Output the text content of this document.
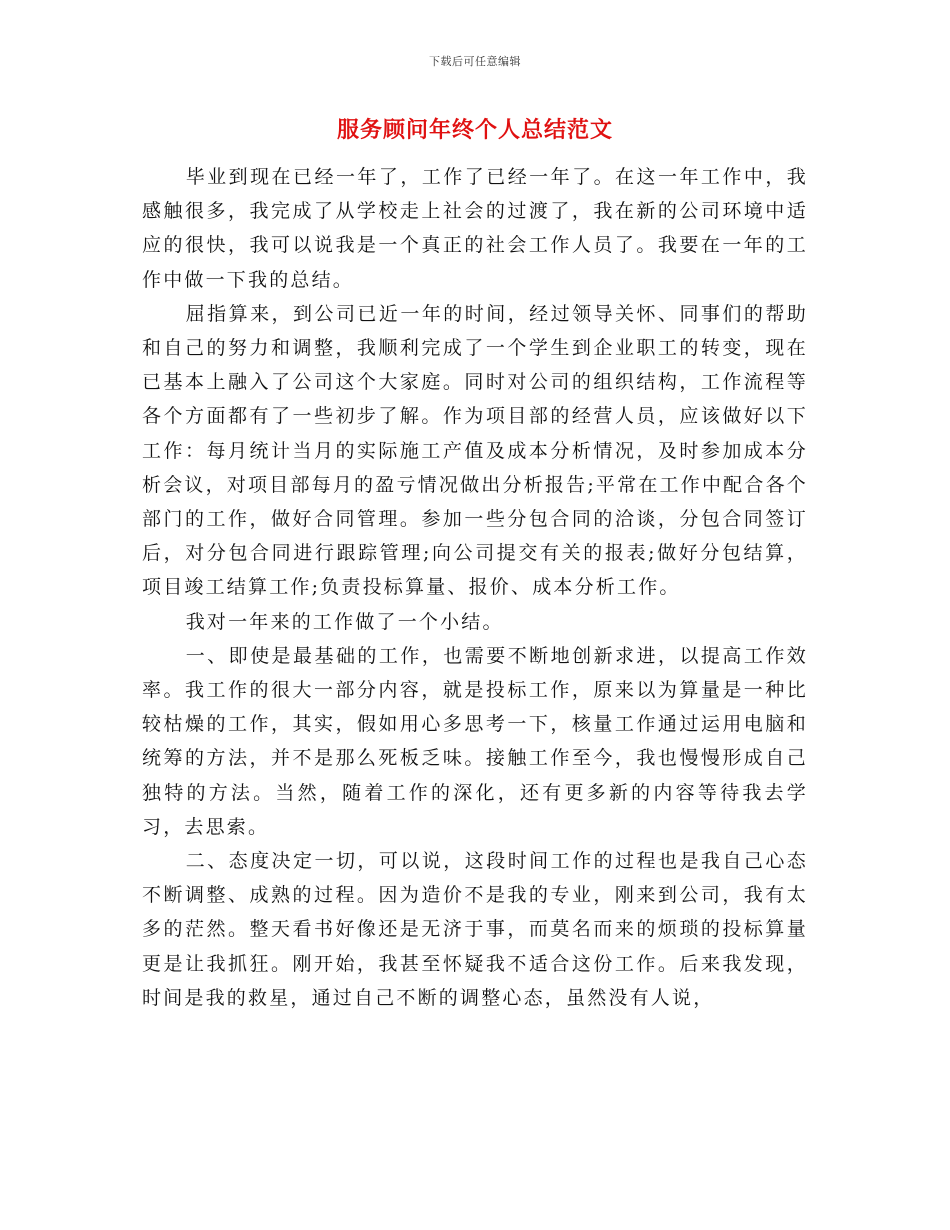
下载后可任意编辑
服务顾问年终个人总结范文

毕业到现在已经一年了，工作了已经一年了。在这一年工作中，我感触很多，我完成了从学校走上社会的过渡了，我在新的公司环境中适应的很快，我可以说我是一个真正的社会工作人员了。我要在一年的工作中做一下我的总结。

屈指算来，到公司已近一年的时间，经过领导关怀、同事们的帮助和自己的努力和调整，我顺利完成了一个学生到企业职工的转变，现在已基本上融入了公司这个大家庭。同时对公司的组织结构，工作流程等各个方面都有了一些初步了解。作为项目部的经营人员，应该做好以下工作：每月统计当月的实际施工产值及成本分析情况，及时参加成本分析会议，对项目部每月的盈亏情况做出分析报告;平常在工作中配合各个部门的工作，做好合同管理。参加一些分包合同的洽谈，分包合同签订后，对分包合同进行跟踪管理;向公司提交有关的报表;做好分包结算，项目竣工结算工作;负责投标算量、报价、成本分析工作。

我对一年来的工作做了一个小结。

一、即使是最基础的工作，也需要不断地创新求进，以提高工作效率。我工作的很大一部分内容，就是投标工作，原来以为算量是一种比较枯燥的工作，其实，假如用心多思考一下，核量工作通过运用电脑和统筹的方法，并不是那么死板乏味。接触工作至今，我也慢慢形成自己独特的方法。当然，随着工作的深化，还有更多新的内容等待我去学习，去思索。

二、态度决定一切，可以说，这段时间工作的过程也是我自己心态不断调整、成熟的过程。因为造价不是我的专业，刚来到公司，我有太多的茫然。整天看书好像还是无济于事，而莫名而来的烦琐的投标算量更是让我抓狂。刚开始，我甚至怀疑我不适合这份工作。后来我发现，时间是我的救星，通过自己不断的调整心态，虽然没有人说，
